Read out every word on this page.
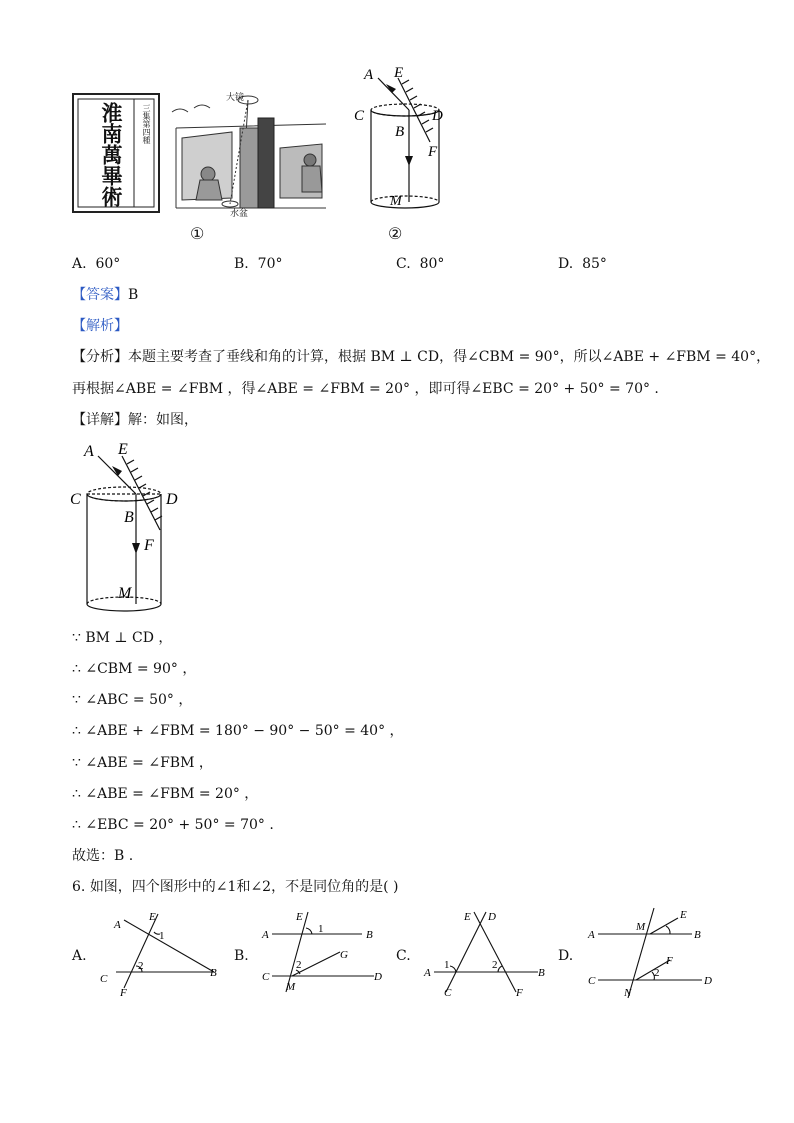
淮南萬畢術	三集第四種
大镜
水盆
①
A E
C	D
B
F
M
②
A. 60°	B. 70°	C. 80°	D. 85°
【答案】B
【解析】
【分析】本题主要考查了垂线和角的计算，根据 BM ⊥ CD，得∠CBM = 90°，所以∠ABE + ∠FBM = 40°，
再根据∠ABE = ∠FBM ，得∠ABE = ∠FBM = 20° ，即可得∠EBC = 20° + 50° = 70° .
【详解】解：如图，
A E
C	D
B
F
M
∵ BM ⊥ CD ，
∴ ∠CBM = 90° ，
∵ ∠ABC = 50° ，
∴ ∠ABE + ∠FBM = 180° − 90° − 50° = 40° ，
∵ ∠ABE = ∠FBM ，
∴ ∠ABE = ∠FBM = 20° ，
∴ ∠EBC = 20° + 50° = 70° .
故选：B .
6. 如图，四个图形中的∠1和∠2，不是同位角的是( )
A.
A
E
1
2
C
F
B
B.
E
1
A	B
G
C
2
M
D
C.
E D
A
1	2
B
C	F
D.
M
E
A	B
F
2
C
N
D
